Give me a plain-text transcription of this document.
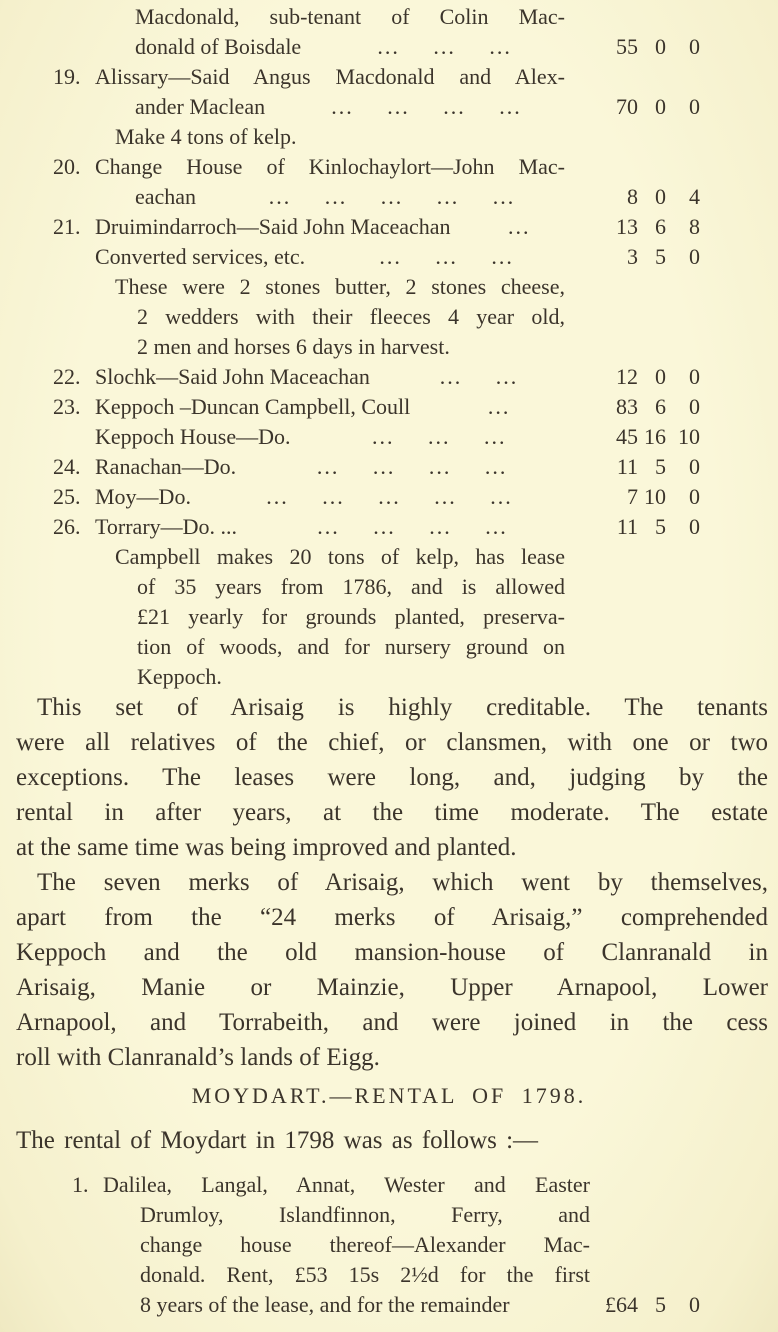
Macdonald, sub-tenant of Colin Mac-
donald of Boisdale	... ... ...	55 0	0
19. Alissary—Said Angus Macdonald and Alex-
ander Maclean	... ... ... ...	70 0	0
Make 4 tons of kelp.
20. Change House of Kinlochaylort—John Mac-
eachan	... ... ... ... ...	8 0	4
21. Druimindarroch—Said John Maceachan	...	13 6	8
Converted services, etc.	... ... ...	3 5	0
These were 2 stones butter, 2 stones cheese,
2 wedders with their fleeces 4 year old,
2 men and horses 6 days in harvest.
22. Slochk—Said John Maceachan	... ...	12 0	0
23. Keppoch –Duncan Campbell, Coull	...	83 6	0
Keppoch House—Do.	... ... ...	45 16 10
24. Ranachan—Do.	... ... ... ...	11 5	0
25. Moy—Do.	... ... ... ... ...	7 10	0
26. Torrary—Do. ...	... ... ... ...	11 5	0
Campbell makes 20 tons of kelp, has lease
of 35 years from 1786, and is allowed
£21 yearly for grounds planted, preserva-
tion of woods, and for nursery ground on
Keppoch.
This set of Arisaig is highly creditable. The tenants
were all relatives of the chief, or clansmen, with one or two
exceptions. The leases were long, and, judging by the
rental in after years, at the time moderate. The estate
at the same time was being improved and planted.
The seven merks of Arisaig, which went by themselves,
apart from the “24 merks of Arisaig,” comprehended
Keppoch and the old mansion-house of Clanranald in
Arisaig, Manie or Mainzie, Upper Arnapool, Lower
Arnapool, and Torrabeith, and were joined in the cess
roll with Clanranald’s lands of Eigg.
MOYDART.—RENTAL OF 1798.
The rental of Moydart in 1798 was as follows :—
1. Dalilea, Langal, Annat, Wester and Easter
Drumloy, Islandfinnon, Ferry, and
change house thereof—Alexander Mac-
donald. Rent, £53 15s 2½d for the first
8 years of the lease, and for the remainder	£64 5	0
